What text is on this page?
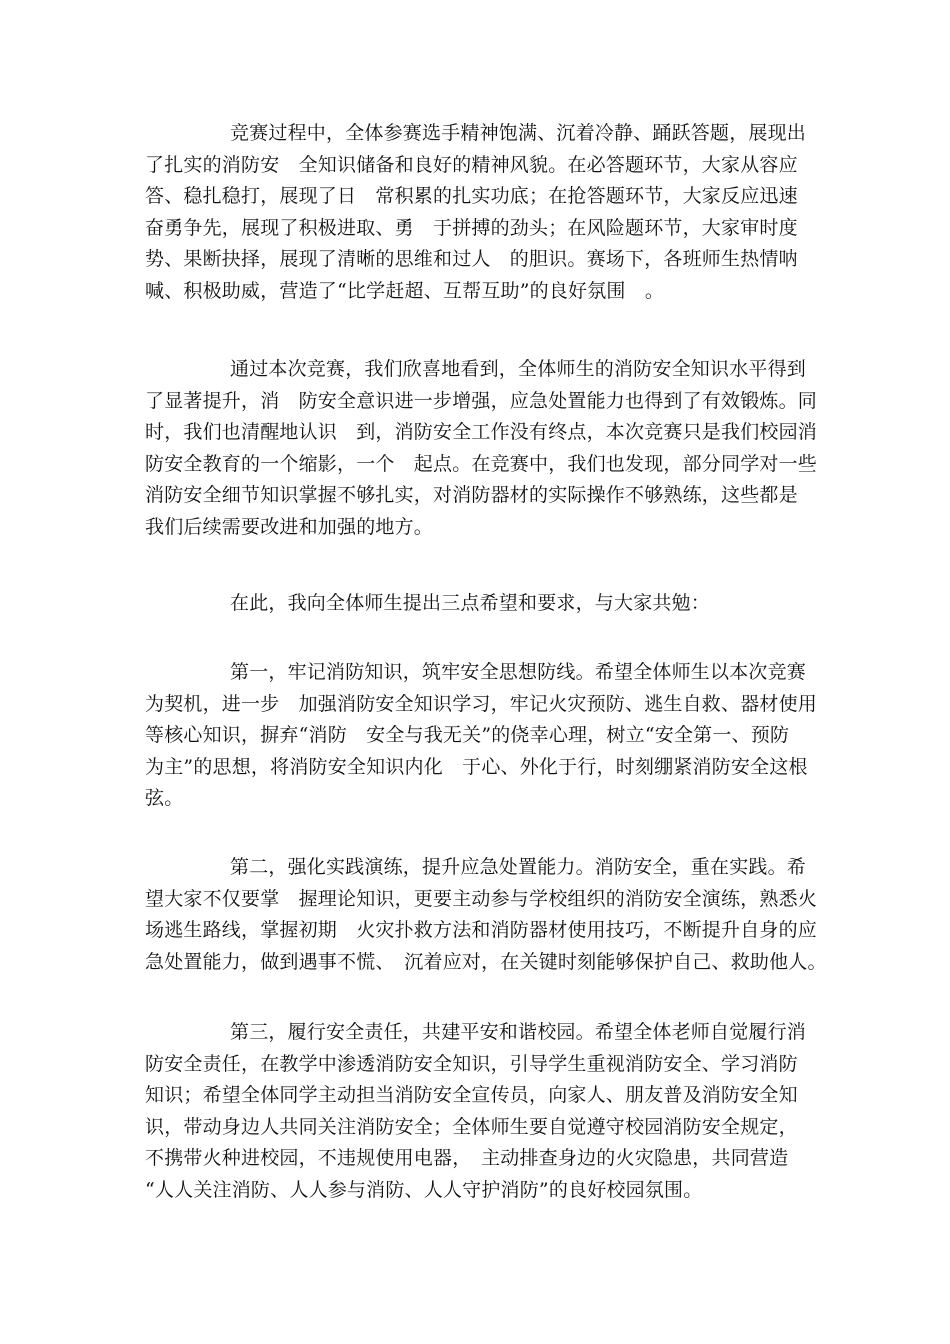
竞赛过程中，全体参赛选手精神饱满、沉着冷静、踊跃答题，展现出
了扎实的消防安　全知识储备和良好的精神风貌。在必答题环节，大家从容应
答、稳扎稳打，展现了日　常积累的扎实功底；在抢答题环节，大家反应迅速
奋勇争先，展现了积极进取、勇　于拼搏的劲头；在风险题环节，大家审时度
势、果断抉择，展现了清晰的思维和过人　的胆识。赛场下，各班师生热情呐
喊、积极助威，营造了“比学赶超、互帮互助”的良好氛围　。
通过本次竞赛，我们欣喜地看到，全体师生的消防安全知识水平得到
了显著提升，消　防安全意识进一步增强，应急处置能力也得到了有效锻炼。同
时，我们也清醒地认识　到，消防安全工作没有终点，本次竞赛只是我们校园消
防安全教育的一个缩影，一个　起点。在竞赛中，我们也发现，部分同学对一些
消防安全细节知识掌握不够扎实，对消防器材的实际操作不够熟练，这些都是
我们后续需要改进和加强的地方。
在此，我向全体师生提出三点希望和要求，与大家共勉：
第一，牢记消防知识，筑牢安全思想防线。希望全体师生以本次竞赛
为契机，进一步　加强消防安全知识学习，牢记火灾预防、逃生自救、器材使用
等核心知识，摒弃“消防　安全与我无关”的侥幸心理，树立“安全第一、预防
为主”的思想，将消防安全知识内化　于心、外化于行，时刻绷紧消防安全这根
弦。
第二，强化实践演练，提升应急处置能力。消防安全，重在实践。希
望大家不仅要掌　握理论知识，更要主动参与学校组织的消防安全演练，熟悉火
场逃生路线，掌握初期　火灾扑救方法和消防器材使用技巧，不断提升自身的应
急处置能力，做到遇事不慌、　沉着应对，在关键时刻能够保护自己、救助他人。
第三，履行安全责任，共建平安和谐校园。希望全体老师自觉履行消
防安全责任，在教学中渗透消防安全知识，引导学生重视消防安全、学习消防
知识；希望全体同学主动担当消防安全宣传员，向家人、朋友普及消防安全知
识，带动身边人共同关注消防安全；全体师生要自觉遵守校园消防安全规定，
不携带火种进校园，不违规使用电器，　主动排查身边的火灾隐患，共同营造
“人人关注消防、人人参与消防、人人守护消防”的良好校园氛围。
